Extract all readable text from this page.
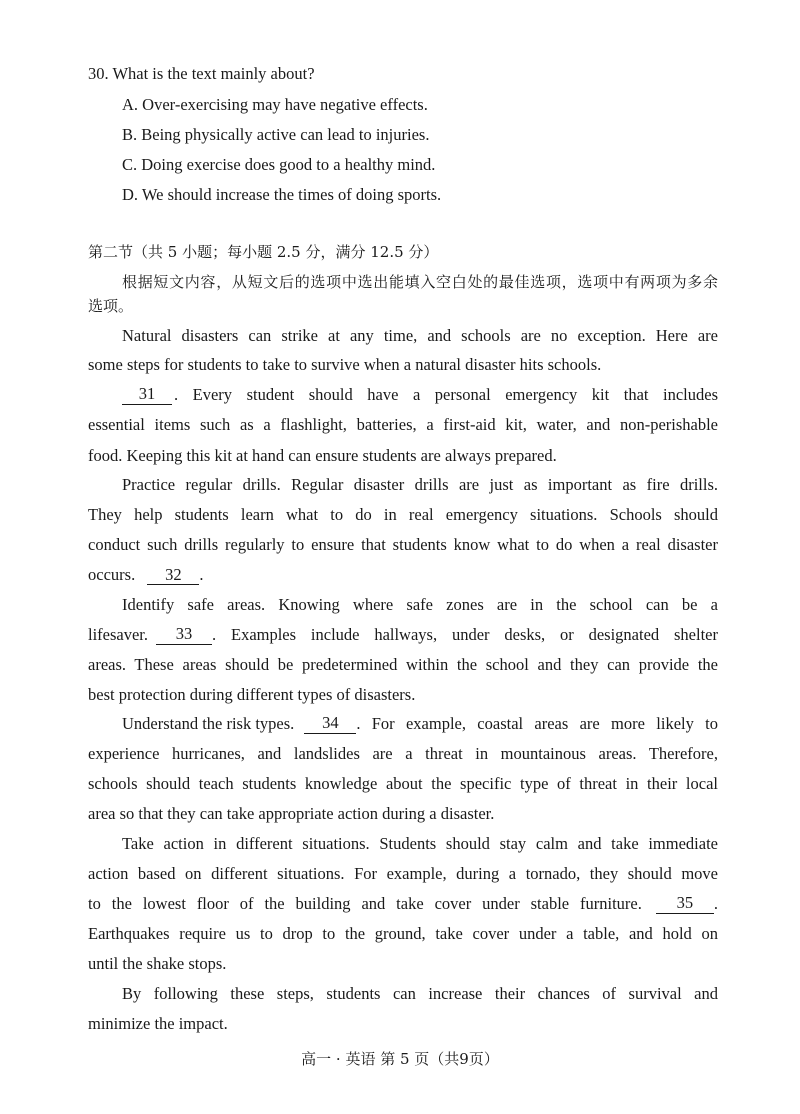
30. What is the text mainly about?
A. Over-exercising may have negative effects.
B. Being physically active can lead to injuries.
C. Doing exercise does good to a healthy mind.
D. We should increase the times of doing sports.
第二节（共 5 小题；每小题 2.5 分，满分 12.5 分）
根据短文内容，从短文后的选项中选出能填入空白处的最佳选项，选项中有两项为多余
选项。
Natural disasters can strike at any time, and schools are no exception. Here are
some steps for students to take to survive when a natural disaster hits schools.
31	. Every student should have a personal emergency kit that includes
essential items such as a flashlight, batteries, a first-aid kit, water, and non-perishable
food. Keeping this kit at hand can ensure students are always prepared.
Practice regular drills. Regular disaster drills are just as important as fire drills.
They help students learn what to do in real emergency situations. Schools should
conduct such drills regularly to ensure that students know what to do when a real disaster
occurs. 32 .
Identify safe areas. Knowing where safe zones are in the school can be a
lifesaver.	33	. Examples include hallways, under desks, or designated shelter
areas. These areas should be predetermined within the school and they can provide the
best protection during different types of disasters.
Understand the risk types.	34	. For example, coastal areas are more likely to
experience hurricanes, and landslides are a threat in mountainous areas. Therefore,
schools should teach students knowledge about the specific type of threat in their local
area so that they can take appropriate action during a disaster.
Take action in different situations. Students should stay calm and take immediate
action based on different situations. For example, during a tornado, they should move
to the lowest floor of the building and take cover under stable furniture.	35	.
Earthquakes require us to drop to the ground, take cover under a table, and hold on
until the shake stops.
By following these steps, students can increase their chances of survival and
minimize the impact.
高一 · 英语 第 5 页（共9页）
